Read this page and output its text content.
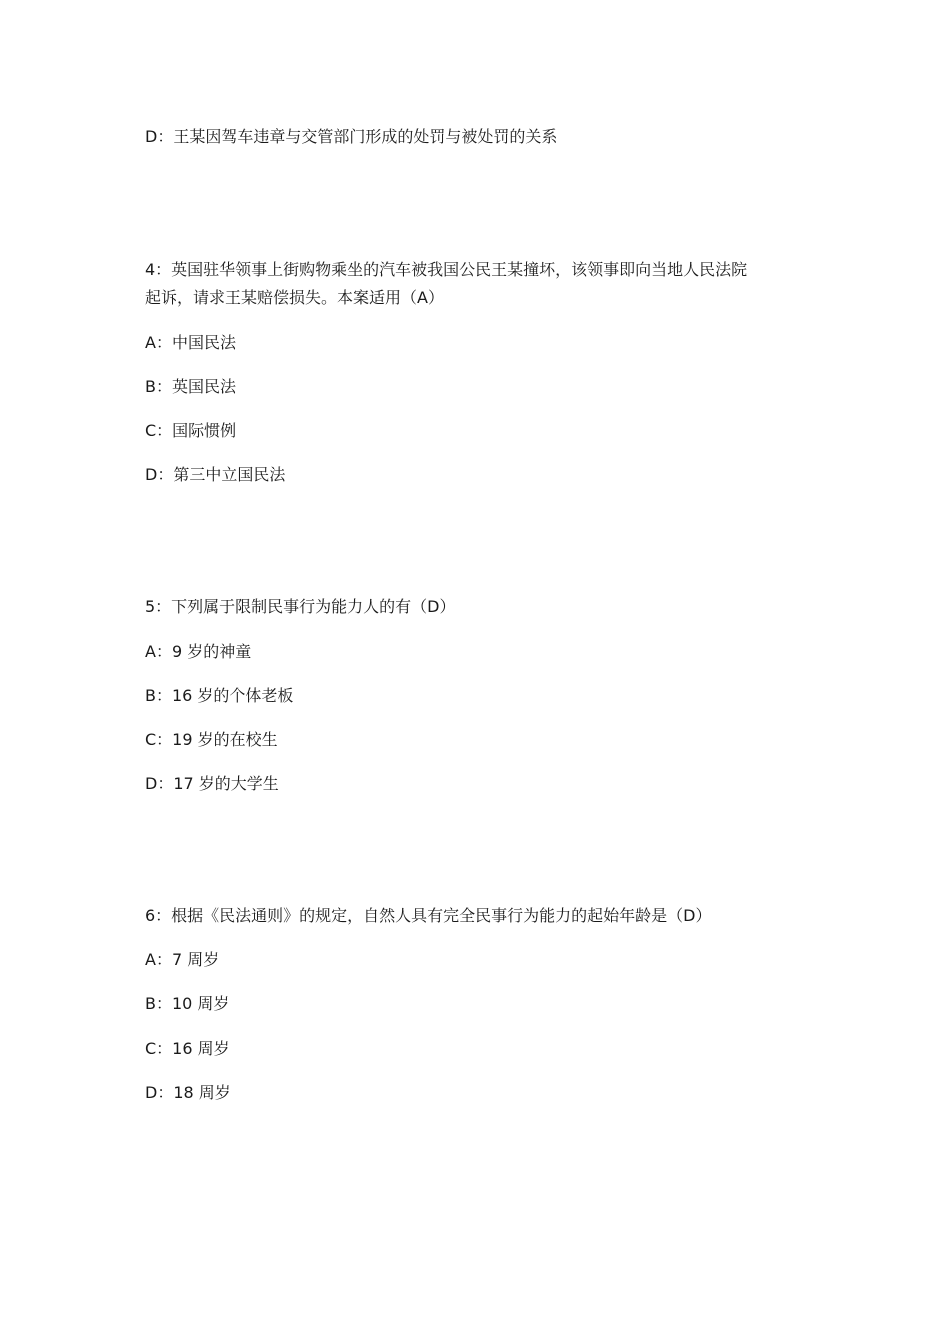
D：王某因驾车违章与交管部门形成的处罚与被处罚的关系
4：英国驻华领事上街购物乘坐的汽车被我国公民王某撞坏，该领事即向当地人民法院
起诉，请求王某赔偿损失。本案适用（A）
A：中国民法
B：英国民法
C：国际惯例
D：第三中立国民法
5：下列属于限制民事行为能力人的有（D）
A：9 岁的神童
B：16 岁的个体老板
C：19 岁的在校生
D：17 岁的大学生
6：根据《民法通则》的规定，自然人具有完全民事行为能力的起始年龄是（D）
A：7 周岁
B：10 周岁
C：16 周岁
D：18 周岁
